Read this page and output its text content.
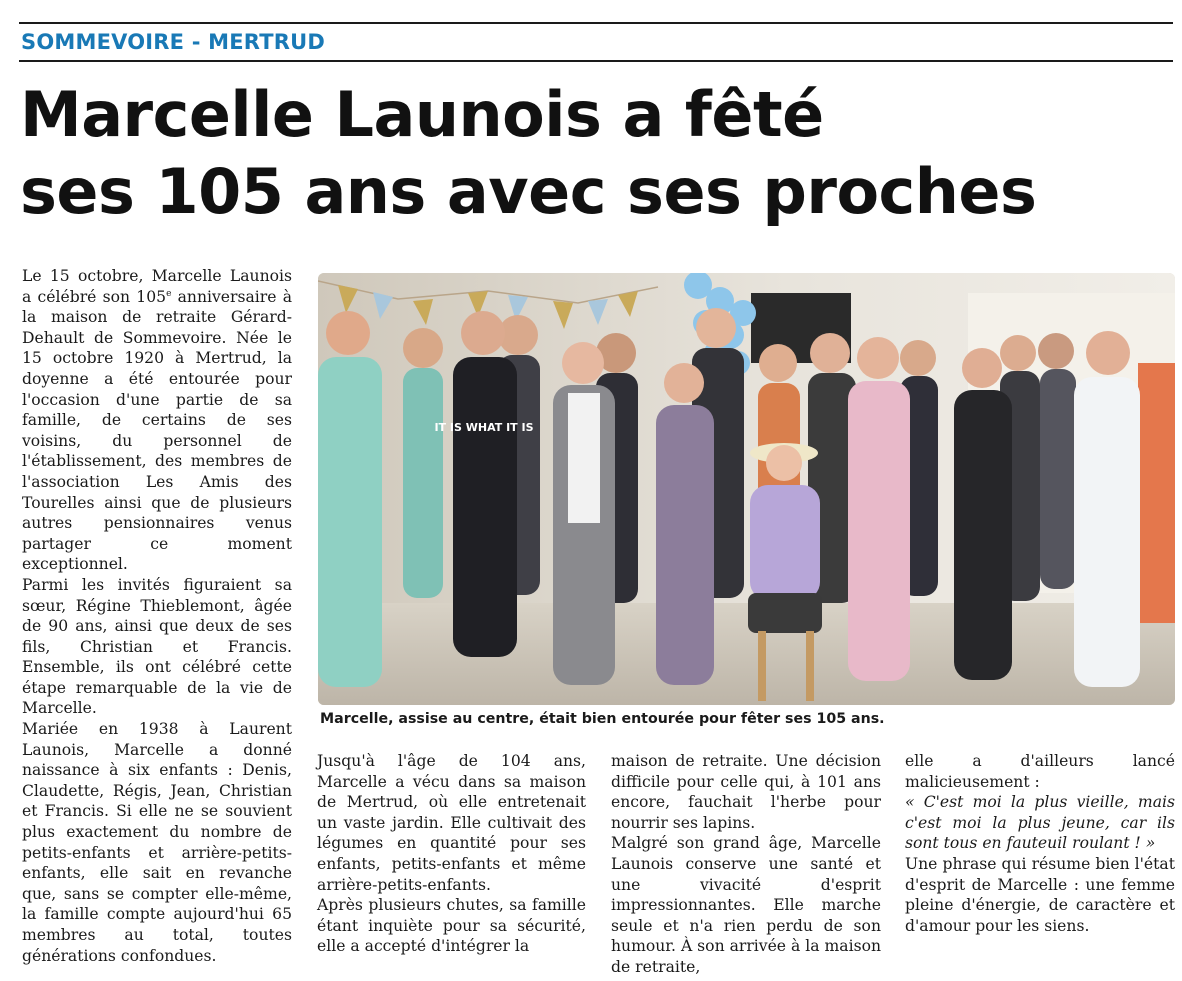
SOMMEVOIRE - MERTRUD
Marcelle Launois a fêté
ses 105 ans avec ses proches

Le 15 octobre, Marcelle Launois a célébré son 105e anniversaire à la maison de retraite Gérard-Dehault de Sommevoire. Née le 15 octobre 1920 à Mertrud, la doyenne a été entourée pour l'occasion d'une partie de sa famille, de certains de ses voisins, du personnel de l'établissement, des membres de l'association Les Amis des Tourelles ainsi que de plusieurs autres pensionnaires venus partager ce moment exceptionnel.

Parmi les invités figuraient sa sœur, Régine Thieblemont, âgée de 90 ans, ainsi que deux de ses fils, Christian et Francis. Ensemble, ils ont célébré cette étape remarquable de la vie de Marcelle.

Mariée en 1938 à Laurent Launois, Marcelle a donné naissance à six enfants : Denis, Claudette, Régis, Jean, Christian et Francis. Si elle ne se souvient plus exactement du nombre de petits-enfants et arrière-petits-enfants, elle sait en revanche que, sans se compter elle-même, la famille compte aujourd'hui 65 membres au total, toutes générations confondues.

IT IS WHAT IT IS
Marcelle, assise au centre, était bien entourée pour fêter ses 105 ans.

Jusqu'à l'âge de 104 ans, Marcelle a vécu dans sa maison de Mertrud, où elle entretenait un vaste jardin. Elle cultivait des légumes en quantité pour ses enfants, petits-enfants et même arrière-petits-enfants.

Après plusieurs chutes, sa famille étant inquiète pour sa sécurité, elle a accepté d'intégrer la

maison de retraite. Une décision difficile pour celle qui, à 101 ans encore, fauchait l'herbe pour nourrir ses lapins.

Malgré son grand âge, Marcelle Launois conserve une santé et une vivacité d'esprit impressionnantes. Elle marche seule et n'a rien perdu de son humour. À son arrivée à la maison de retraite,

elle a d'ailleurs lancé malicieusement :

« C'est moi la plus vieille, mais c'est moi la plus jeune, car ils sont tous en fauteuil roulant ! »

Une phrase qui résume bien l'état d'esprit de Marcelle : une femme pleine d'énergie, de caractère et d'amour pour les siens.
